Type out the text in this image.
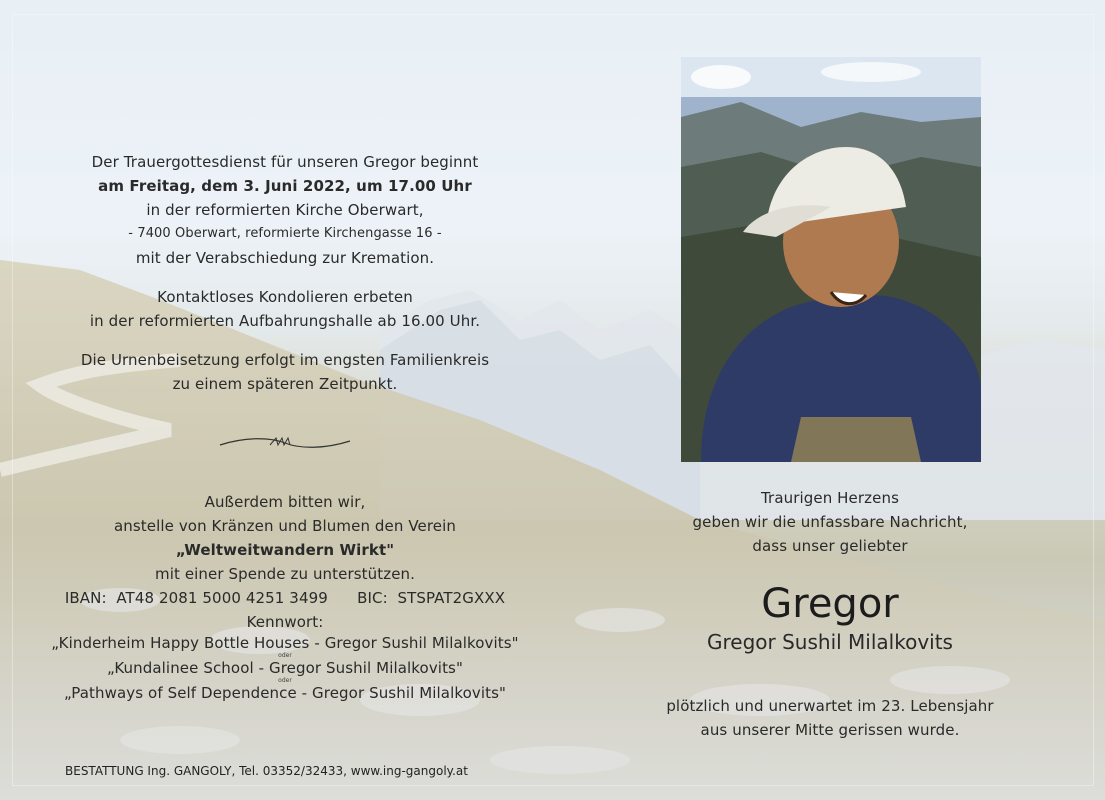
Der Trauergottesdienst für unseren Gregor beginnt
am Freitag, dem 3. Juni 2022, um 17.00 Uhr
in der reformierten Kirche Oberwart,
- 7400 Oberwart, reformierte Kirchengasse 16 -
mit der Verabschiedung zur Kremation.
Kontaktloses Kondolieren erbeten
in der reformierten Aufbahrungshalle ab 16.00 Uhr.
Die Urnenbeisetzung erfolgt im engsten Familienkreis
zu einem späteren Zeitpunkt.
Außerdem bitten wir,
anstelle von Kränzen und Blumen den Verein
„Weltweitwandern Wirkt"
mit einer Spende zu unterstützen.
IBAN:  AT48 2081 5000 4251 3499      BIC:  STSPAT2GXXX
Kennwort:
„Kinderheim Happy Bottle Houses - Gregor Sushil Milalkovits"
oder
„Kundalinee School - Gregor Sushil Milalkovits"
oder
„Pathways of Self Dependence - Gregor Sushil Milalkovits"
BESTATTUNG Ing. GANGOLY, Tel. 03352/32433, www.ing-gangoly.at
Traurigen Herzens
geben wir die unfassbare Nachricht,
dass unser geliebter
Gregor
Gregor Sushil Milalkovits
plötzlich und unerwartet im 23. Lebensjahr
aus unserer Mitte gerissen wurde.
